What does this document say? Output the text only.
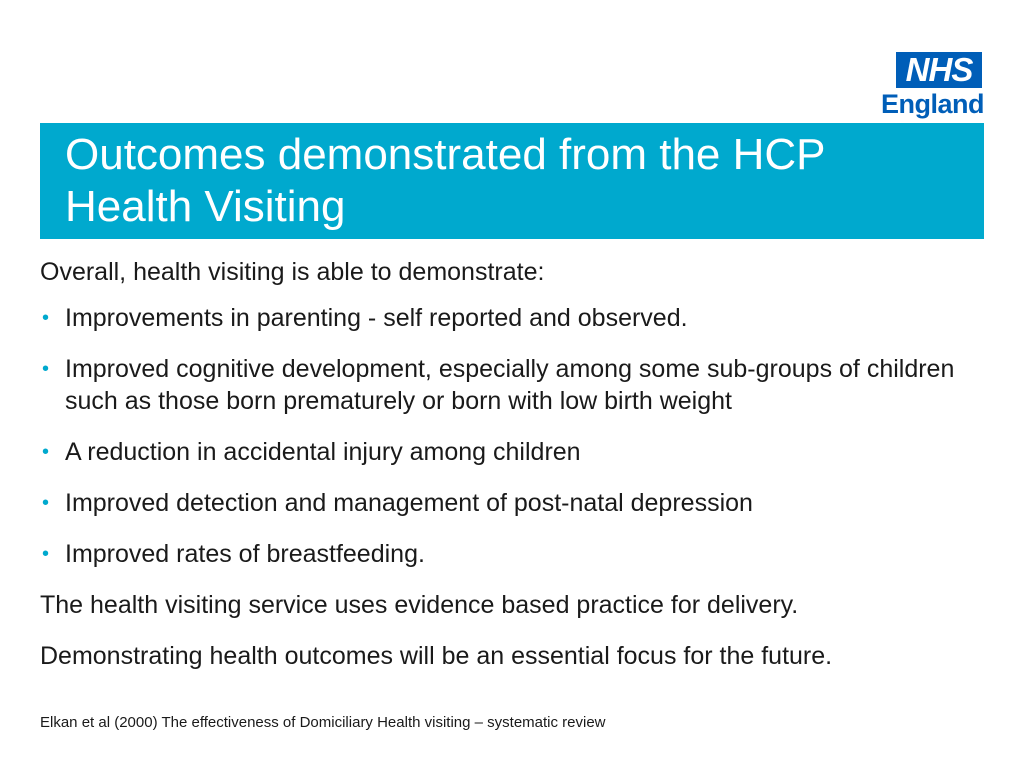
NHS
England
Outcomes demonstrated from the HCP Health Visiting

Overall, health visiting is able to demonstrate:

• Improvements in parenting - self reported and observed.
• Improved cognitive development, especially among some sub-groups of children such as those born prematurely or born with low birth weight
• A reduction in accidental injury among children
• Improved detection and management of post-natal depression
• Improved rates of breastfeeding.

The health visiting service uses evidence based practice for delivery.

Demonstrating health outcomes will be an essential focus for the future.

Elkan et al (2000) The effectiveness of Domiciliary Health visiting – systematic review
